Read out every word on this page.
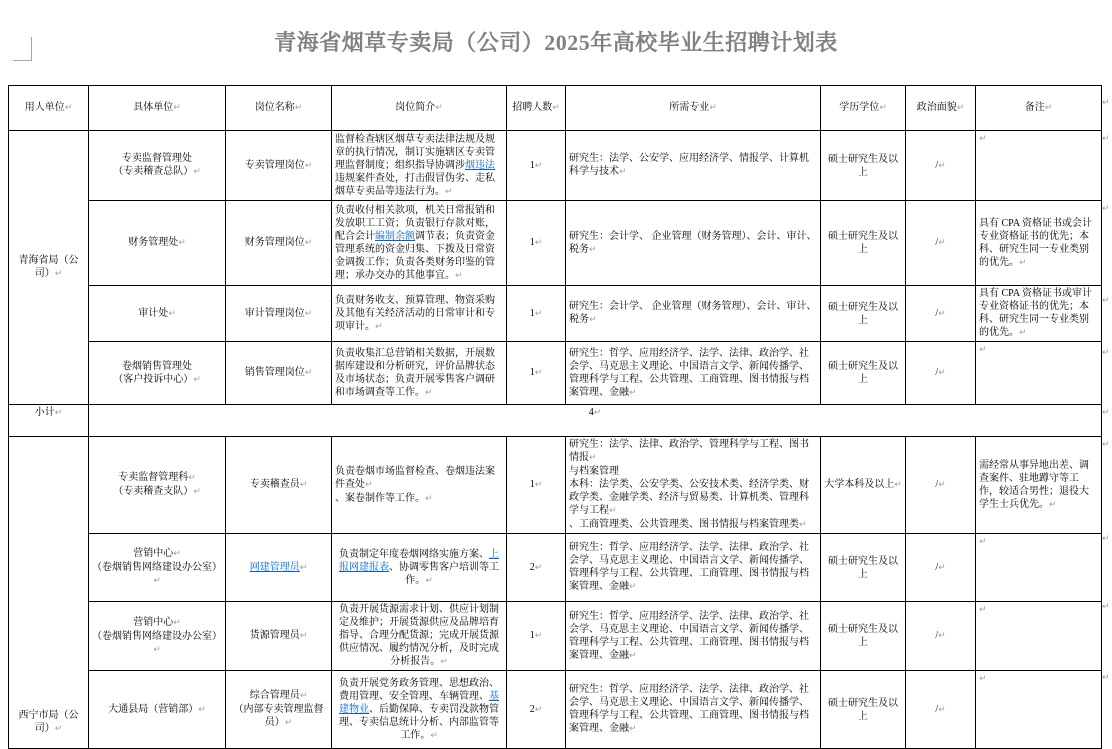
青海省烟草专卖局（公司）2025年高校毕业生招聘计划表
用人单位↵	具体单位↵	岗位名称↵	岗位简介↵	招聘人数↵	所需专业↵	学历学位↵	政治面貌↵	备注↵
青海省局（公
司）↵	专卖监督管理处
（专卖稽查总队）↵	专卖管理岗位↵	监督检查辖区烟草专卖法律法规及规章的执行情况，制订实施辖区专卖管理监督制度；组织指导协调涉烟违法违规案件查处，打击假冒伪劣、走私烟草专卖品等违法行为。↵	1↵	研究生：法学、公安学、应用经济学、情报学、计算机科学与技术↵	硕士研究生及以上	/↵	↵
	财务管理处↵	财务管理岗位↵	负责收付相关款项，机关日常报销和发放职工工资；负责银行存款对账，配合会计编制余额调节表；负责资金管理系统的资金归集、下拨及日常资金调拨工作；负责各类财务印鉴的管理；承办交办的其他事宜。↵	1↵	研究生：会计学、 企业管理（财务管理）、会计、审计、税务↵	硕士研究生及以上	/↵	具有 CPA 资格证书或会计专业资格证书的优先；本科、研究生同一专业类别的优先。↵
	审计处↵	审计管理岗位↵	负责财务收支、预算管理、物资采购及其他有关经济活动的日常审计和专项审计。↵	1↵	研究生：会计学、 企业管理（财务管理）、会计、审计、税务↵	硕士研究生及以上	/↵	具有 CPA 资格证书或审计专业资格证书的优先；本科、研究生同一专业类别的优先。↵
	卷烟销售管理处
（客户投诉中心）↵	销售管理岗位↵	负责收集汇总营销相关数据，开展数据库建设和分析研究，评价品牌状态及市场状态；负责开展零售客户调研和市场调查等工作。↵	1↵	研究生：哲学、应用经济学、法学、法律、政治学、社会学、马克思主义理论、中国语言文学、新闻传播学、管理科学与工程、公共管理、工商管理、图书情报与档案管理、金融↵	硕士研究生及以上	/↵	↵
小计↵	4↵							
西宁市局（公
司）↵	专卖监督管理科↵
（专卖稽查支队）↵	专卖稽查员↵	负责卷烟市场监督检查、卷烟违法案件查处↵
、案卷制作等工作。↵	1↵	研究生：法学、法律、政治学、管理科学与工程、图书情报↵
与档案管理
本科：法学类、公安学类、公安技术类、经济学类、财政学类、金融学类、经济与贸易类、计算机类、管理科学与工程↵
、工商管理类、公共管理类、图书情报与档案管理类↵	大学本科及以上↵	/↵	需经常从事异地出差、调查案件、驻地蹲守等工作，较适合男性；退役大学生士兵优先。↵
	营销中心↵
（卷烟销售网络建设办公室）↵	网建管理员↵	负责制定年度卷烟网络实施方案、上报网建报表、协调零售客户培训等工作。↵	2↵	研究生：哲学、应用经济学、法学、法律、政治学、社会学、马克思主义理论、中国语言文学、新闻传播学、管理科学与工程、公共管理、工商管理、图书情报与档案管理、金融↵	硕士研究生及以上	/↵	↵
	营销中心↵
（卷烟销售网络建设办公室）↵	货源管理员↵	负责开展货源需求计划、供应计划制定及维护；开展货源供应及品牌培育指导、合理分配货源；完成开展货源供应情况、履约情况分析，及时完成分析报告。↵	1↵	研究生：哲学、应用经济学、法学、法律、政治学、社会学、马克思主义理论、中国语言文学、新闻传播学、管理科学与工程、公共管理、工商管理、图书情报与档案管理、金融↵	硕士研究生及以上	/↵	↵
	大通县局（营销部）↵	综合管理员↵
（内部专卖管理监督员）↵	负责开展党务政务管理、思想政治、费用管理、安全管理、车辆管理、基建物业、后勤保障、专卖罚没款物管理、专卖信息统计分析、内部监管等工作。↵	2↵	研究生：哲学、应用经济学、法学、法律、政治学、社会学、马克思主义理论、中国语言文学、新闻传播学、管理科学与工程、公共管理、工商管理、图书情报与档案管理、金融↵	硕士研究生及以上	/↵	↵
↵
↵
↵
↵
↵
↵
↵
↵
↵
↵
